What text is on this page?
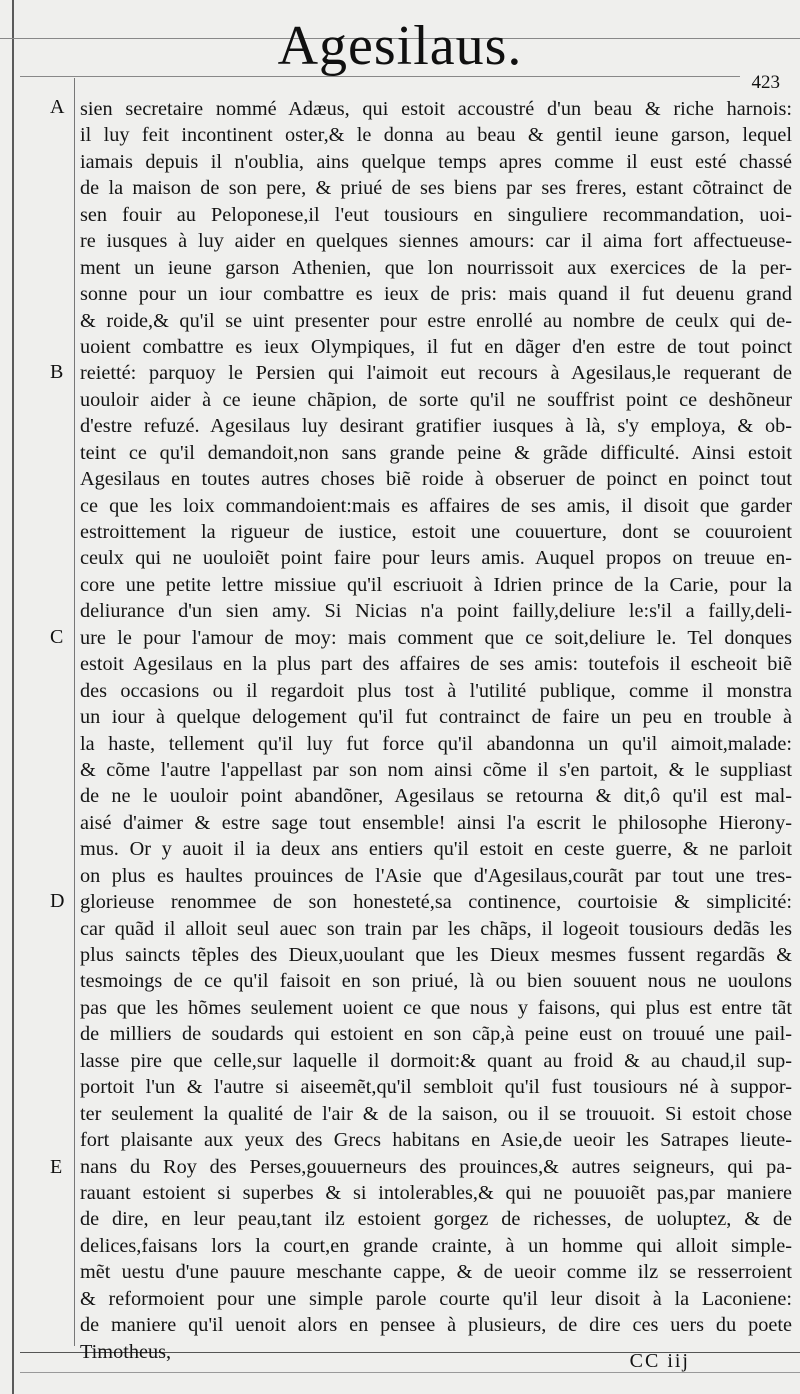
Agesilaus.
423
A
B
C
D
E
sien secretaire nommé Adæus, qui estoit accoustré d'un beau & riche harnois:
il luy feit incontinent oster,& le donna au beau & gentil ieune garson, lequel
iamais depuis il n'oublia, ains quelque temps apres comme il eust esté chassé
de la maison de son pere, & priué de ses biens par ses freres, estant cõtrainct de
sen fouir au Peloponese,il l'eut tousiours en singuliere recommandation, uoi-
re iusques à luy aider en quelques siennes amours: car il aima fort affectueuse-
ment un ieune garson Athenien, que lon nourrissoit aux exercices de la per-
sonne pour un iour combattre es ieux de pris: mais quand il fut deuenu grand
& roide,& qu'il se uint presenter pour estre enrollé au nombre de ceulx qui de-
uoient combattre es ieux Olympiques, il fut en dãger d'en estre de tout poinct
reietté: parquoy le Persien qui l'aimoit eut recours à Agesilaus,le requerant de
uouloir aider à ce ieune chãpion, de sorte qu'il ne souffrist point ce deshõneur
d'estre refuzé. Agesilaus luy desirant gratifier iusques à là, s'y employa, & ob-
teint ce qu'il demandoit,non sans grande peine & grãde difficulté. Ainsi estoit
Agesilaus en toutes autres choses biẽ roide à obseruer de poinct en poinct tout
ce que les loix commandoient:mais es affaires de ses amis, il disoit que garder
estroittement la rigueur de iustice, estoit une couuerture, dont se couuroient
ceulx qui ne uouloiẽt point faire pour leurs amis. Auquel propos on treuue en-
core une petite lettre missiue qu'il escriuoit à Idrien prince de la Carie, pour la
deliurance d'un sien amy. Si Nicias n'a point failly,deliure le:s'il a failly,deli-
ure le pour l'amour de moy: mais comment que ce soit,deliure le. Tel donques
estoit Agesilaus en la plus part des affaires de ses amis: toutefois il escheoit biẽ
des occasions ou il regardoit plus tost à l'utilité publique, comme il monstra
un iour à quelque delogement qu'il fut contrainct de faire un peu en trouble à
la haste, tellement qu'il luy fut force qu'il abandonna un qu'il aimoit,malade:
& cõme l'autre l'appellast par son nom ainsi cõme il s'en partoit, & le suppliast
de ne le uouloir point abandõner, Agesilaus se retourna & dit,ô qu'il est mal-
aisé d'aimer & estre sage tout ensemble! ainsi l'a escrit le philosophe Hierony-
mus. Or y auoit il ia deux ans entiers qu'il estoit en ceste guerre, & ne parloit
on plus es haultes prouinces de l'Asie que d'Agesilaus,courãt par tout une tres-
glorieuse renommee de son honesteté,sa continence, courtoisie & simplicité:
car quãd il alloit seul auec son train par les chãps, il logeoit tousiours dedãs les
plus saincts tẽples des Dieux,uoulant que les Dieux mesmes fussent regardãs &
tesmoings de ce qu'il faisoit en son priué, là ou bien souuent nous ne uoulons
pas que les hõmes seulement uoient ce que nous y faisons, qui plus est entre tãt
de milliers de soudards qui estoient en son cãp,à peine eust on trouué une pail-
lasse pire que celle,sur laquelle il dormoit:& quant au froid & au chaud,il sup-
portoit l'un & l'autre si aiseemẽt,qu'il sembloit qu'il fust tousiours né à suppor-
ter seulement la qualité de l'air & de la saison, ou il se trouuoit. Si estoit chose
fort plaisante aux yeux des Grecs habitans en Asie,de ueoir les Satrapes lieute-
nans du Roy des Perses,gouuerneurs des prouinces,& autres seigneurs, qui pa-
rauant estoient si superbes & si intolerables,& qui ne pouuoiẽt pas,par maniere
de dire, en leur peau,tant ilz estoient gorgez de richesses, de uoluptez, & de
delices,faisans lors la court,en grande crainte, à un homme qui alloit simple-
mẽt uestu d'une pauure meschante cappe, & de ueoir comme ilz se resserroient
& reformoient pour une simple parole courte qu'il leur disoit à la Laconiene:
de maniere qu'il uenoit alors en pensee à plusieurs, de dire ces uers du poete
Timotheus,	CC iij
